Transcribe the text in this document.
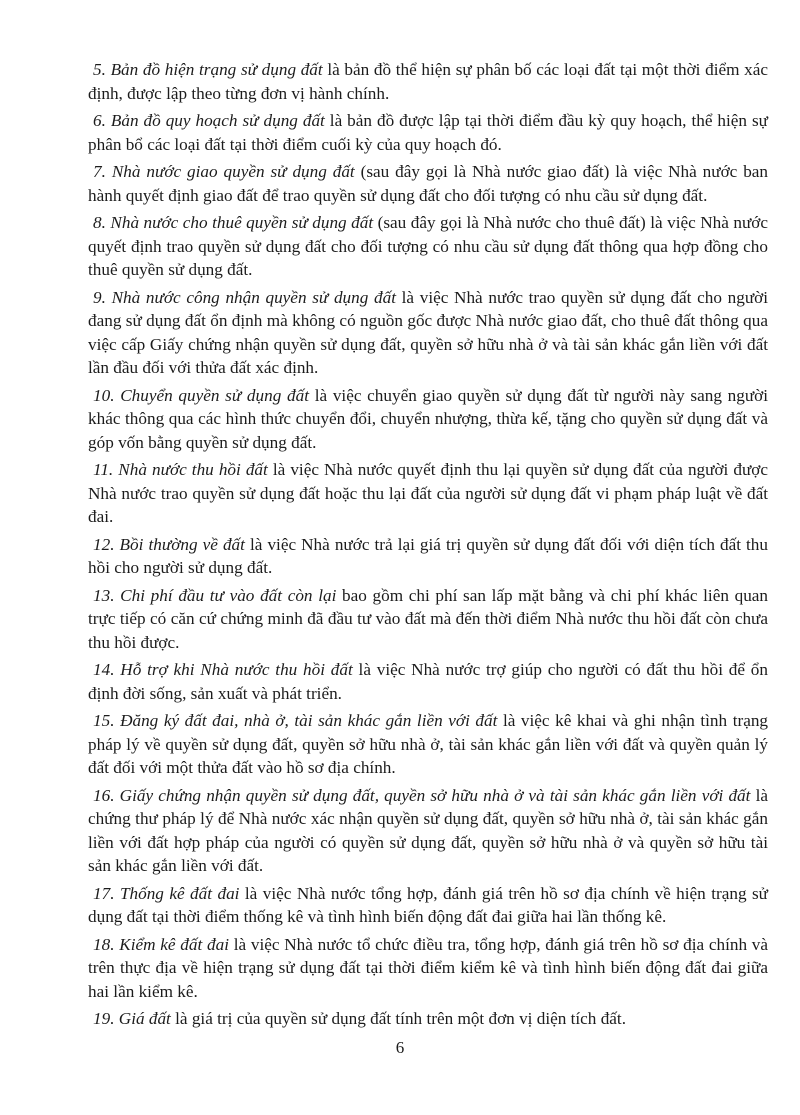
5. Bản đồ hiện trạng sử dụng đất là bản đồ thể hiện sự phân bố các loại đất tại một thời điểm xác định, được lập theo từng đơn vị hành chính.

6. Bản đồ quy hoạch sử dụng đất là bản đồ được lập tại thời điểm đầu kỳ quy hoạch, thể hiện sự phân bổ các loại đất tại thời điểm cuối kỳ của quy hoạch đó.

7. Nhà nước giao quyền sử dụng đất (sau đây gọi là Nhà nước giao đất) là việc Nhà nước ban hành quyết định giao đất để trao quyền sử dụng đất cho đối tượng có nhu cầu sử dụng đất.

8. Nhà nước cho thuê quyền sử dụng đất (sau đây gọi là Nhà nước cho thuê đất) là việc Nhà nước quyết định trao quyền sử dụng đất cho đối tượng có nhu cầu sử dụng đất thông qua hợp đồng cho thuê quyền sử dụng đất.

9. Nhà nước công nhận quyền sử dụng đất là việc Nhà nước trao quyền sử dụng đất cho người đang sử dụng đất ổn định mà không có nguồn gốc được Nhà nước giao đất, cho thuê đất thông qua việc cấp Giấy chứng nhận quyền sử dụng đất, quyền sở hữu nhà ở và tài sản khác gắn liền với đất lần đầu đối với thửa đất xác định.

10. Chuyển quyền sử dụng đất là việc chuyển giao quyền sử dụng đất từ người này sang người khác thông qua các hình thức chuyển đổi, chuyển nhượng, thừa kế, tặng cho quyền sử dụng đất và góp vốn bằng quyền sử dụng đất.

11. Nhà nước thu hồi đất là việc Nhà nước quyết định thu lại quyền sử dụng đất của người được Nhà nước trao quyền sử dụng đất hoặc thu lại đất của người sử dụng đất vi phạm pháp luật về đất đai.

12. Bồi thường về đất là việc Nhà nước trả lại giá trị quyền sử dụng đất đối với diện tích đất thu hồi cho người sử dụng đất.

13. Chi phí đầu tư vào đất còn lại bao gồm chi phí san lấp mặt bằng và chi phí khác liên quan trực tiếp có căn cứ chứng minh đã đầu tư vào đất mà đến thời điểm Nhà nước thu hồi đất còn chưa thu hồi được.

14. Hỗ trợ khi Nhà nước thu hồi đất là việc Nhà nước trợ giúp cho người có đất thu hồi để ổn định đời sống, sản xuất và phát triển.

15. Đăng ký đất đai, nhà ở, tài sản khác gắn liền với đất là việc kê khai và ghi nhận tình trạng pháp lý về quyền sử dụng đất, quyền sở hữu nhà ở, tài sản khác gắn liền với đất và quyền quản lý đất đối với một thửa đất vào hồ sơ địa chính.

16. Giấy chứng nhận quyền sử dụng đất, quyền sở hữu nhà ở và tài sản khác gắn liền với đất là chứng thư pháp lý để Nhà nước xác nhận quyền sử dụng đất, quyền sở hữu nhà ở, tài sản khác gắn liền với đất hợp pháp của người có quyền sử dụng đất, quyền sở hữu nhà ở và quyền sở hữu tài sản khác gắn liền với đất.

17. Thống kê đất đai là việc Nhà nước tổng hợp, đánh giá trên hồ sơ địa chính về hiện trạng sử dụng đất tại thời điểm thống kê và tình hình biến động đất đai giữa hai lần thống kê.

18. Kiểm kê đất đai là việc Nhà nước tổ chức điều tra, tổng hợp, đánh giá trên hồ sơ địa chính và trên thực địa về hiện trạng sử dụng đất tại thời điểm kiểm kê và tình hình biến động đất đai giữa hai lần kiểm kê.

19. Giá đất là giá trị của quyền sử dụng đất tính trên một đơn vị diện tích đất.

6
